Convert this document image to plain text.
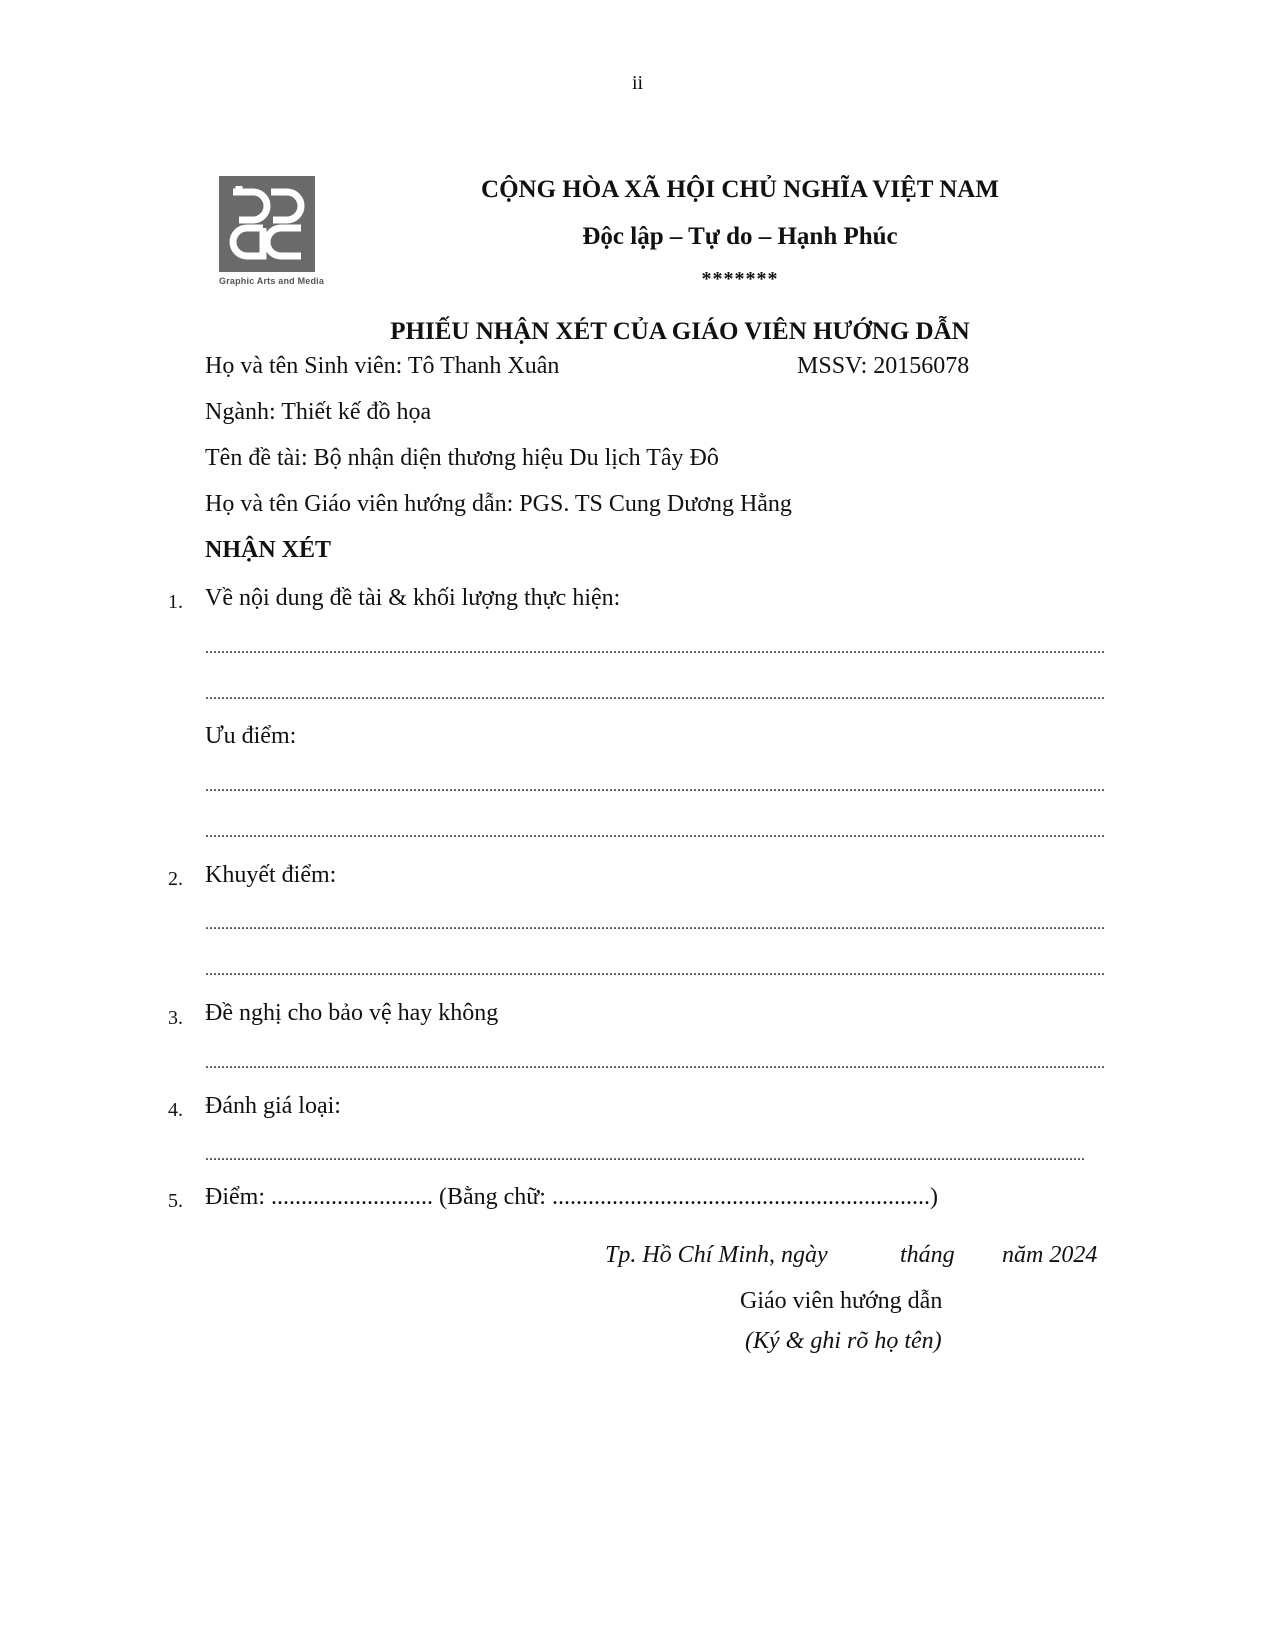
ii
Graphic Arts and Media
CỘNG HÒA XÃ HỘI CHỦ NGHĨA VIỆT NAM
Độc lập – Tự do – Hạnh Phúc
*******
PHIẾU NHẬN XÉT CỦA GIÁO VIÊN HƯỚNG DẪN
Họ và tên Sinh viên: Tô Thanh Xuân	MSSV: 20156078
Ngành: Thiết kế đồ họa
Tên đề tài: Bộ nhận diện thương hiệu Du lịch Tây Đô
Họ và tên Giáo viên hướng dẫn: PGS. TS Cung Dương Hằng
NHẬN XÉT
1. Về nội dung đề tài & khối lượng thực hiện:
.....
.....
Ưu điểm:
.....
.....
2. Khuyết điểm:
.....
.....
3. Đề nghị cho bảo vệ hay không
.....
4. Đánh giá loại:
.....
5. Điểm: ........................... (Bằng chữ: ...............................................................)
Tp. Hồ Chí Minh, ngày	tháng năm 2024
Giáo viên hướng dẫn
(Ký & ghi rõ họ tên)
